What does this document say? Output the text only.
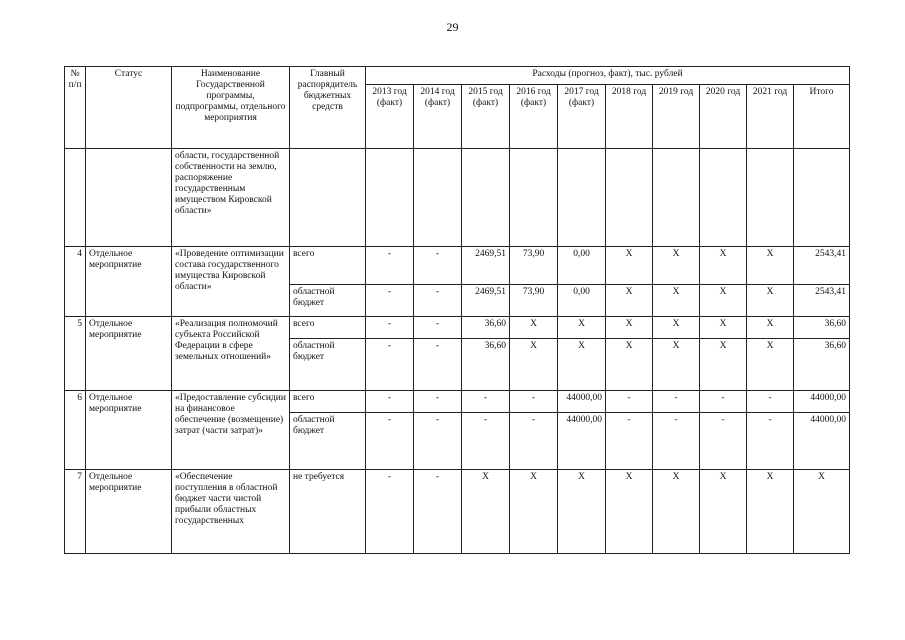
29
№ п/п	Статус	Наименование Государственной программы, подпрограммы, отдельного мероприятия	Главный распорядитель бюджетных средств	Расходы (прогноз, факт), тыс. рублей									
				2013 год (факт)	2014 год (факт)	2015 год (факт)	2016 год (факт)	2017 год (факт)	2018 год	2019 год	2020 год	2021 год	Итого
		области, государственной собственности на землю, распоряжение государственным имуществом Кировской области»											
4	Отдельное мероприятие	«Проведение оптимизации состава государственного имущества Кировской области»	всего	-	-	2469,51	73,90	0,00	Х	Х	Х	Х	2543,41
			областной бюджет	-	-	2469,51	73,90	0,00	Х	Х	Х	Х	2543,41
5	Отдельное мероприятие	«Реализация полномочий субъекта Российской Федерации в сфере земельных отношений»	всего	-	-	36,60	Х	Х	Х	Х	Х	Х	36,60
			областной бюджет	-	-	36,60	Х	Х	Х	Х	Х	Х	36,60
6	Отдельное мероприятие	«Предоставление субсидии на финансовое обеспечение (возмещение) затрат (части затрат)»	всего	-	-	-	-	44000,00	-	-	-	-	44000,00
			областной бюджет	-	-	-	-	44000,00	-	-	-	-	44000,00
7	Отдельное мероприятие	«Обеспечение поступления в областной бюджет части чистой прибыли областных государственных	не требуется	-	-	Х	Х	Х	Х	Х	Х	Х	Х
